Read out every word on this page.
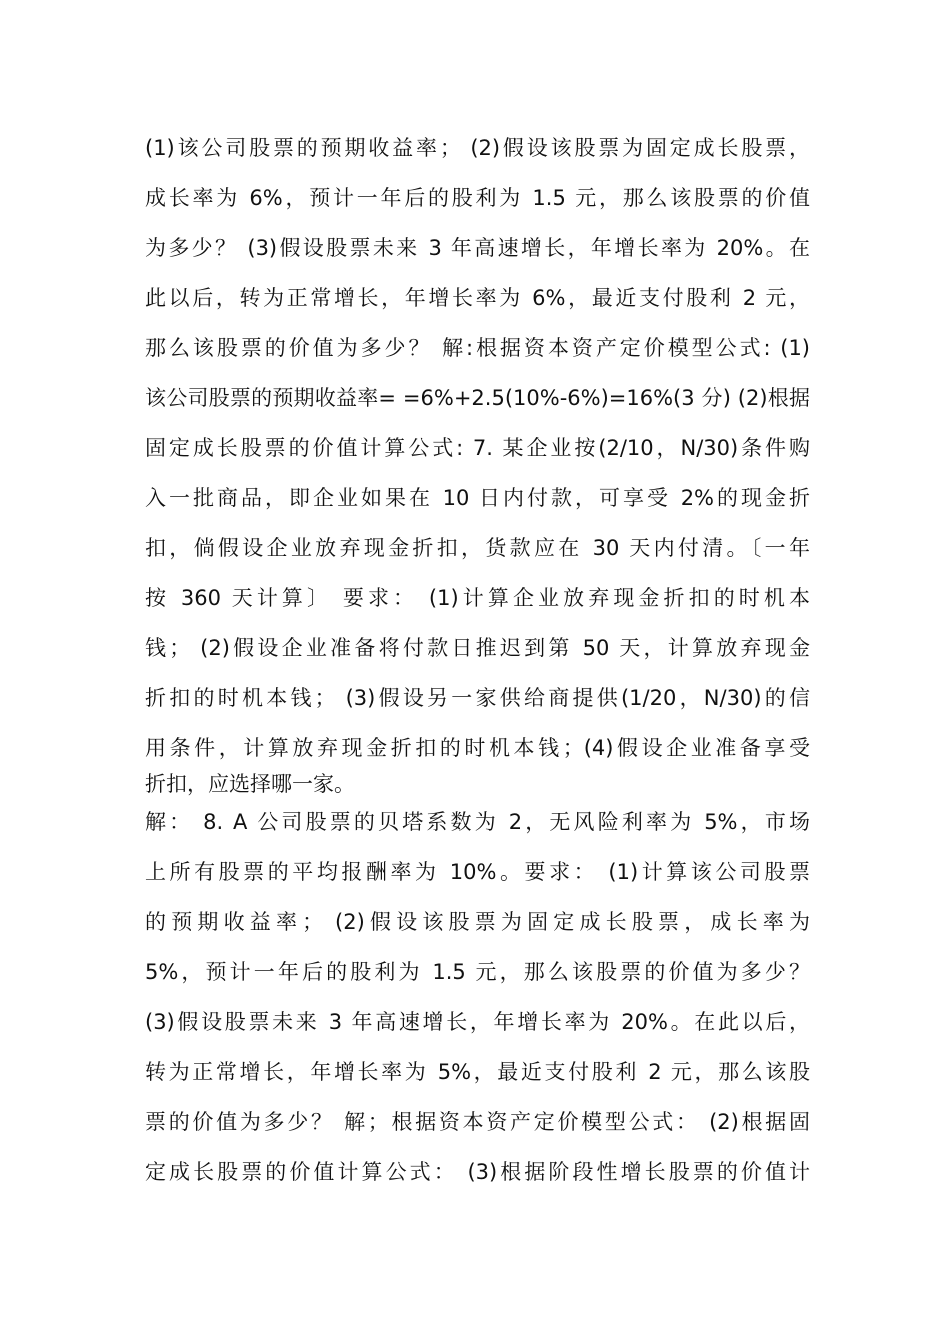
(1)该公司股票的预期收益率； (2)假设该股票为固定成长股票，
成长率为 6%，预计一年后的股利为 1.5 元，那么该股票的价值
为多少？ (3)假设股票未来 3 年高速增长，年增长率为 20%。在
此以后，转为正常增长，年增长率为 6%，最近支付股利 2 元，
那么该股票的价值为多少？ 解:根据资本资产定价模型公式: (1)
该公司股票的预期收益率= =6%+2.5(10%-6%)=16%(3 分) (2)根据
固定成长股票的价值计算公式: 7. 某企业按(2/10，N/30)条件购
入一批商品，即企业如果在 10 日内付款，可享受 2%的现金折
扣，倘假设企业放弃现金折扣，货款应在 30 天内付清。〔一年
按 360 天计算〕 要求： (1)计算企业放弃现金折扣的时机本
钱； (2)假设企业准备将付款日推迟到第 50 天，计算放弃现金
折扣的时机本钱； (3)假设另一家供给商提供(1/20，N/30)的信
用条件，计算放弃现金折扣的时机本钱；(4)假设企业准备享受
折扣，应选择哪一家。
解： 8. A 公司股票的贝塔系数为 2，无风险利率为 5%，市场
上所有股票的平均报酬率为 10%。要求： (1)计算该公司股票
的预期收益率； (2)假设该股票为固定成长股票，成长率为
5%，预计一年后的股利为 1.5 元，那么该股票的价值为多少？
(3)假设股票未来 3 年高速增长，年增长率为 20%。在此以后，
转为正常增长，年增长率为 5%，最近支付股利 2 元，那么该股
票的价值为多少？ 解；根据资本资产定价模型公式： (2)根据固
定成长股票的价值计算公式： (3)根据阶段性增长股票的价值计
